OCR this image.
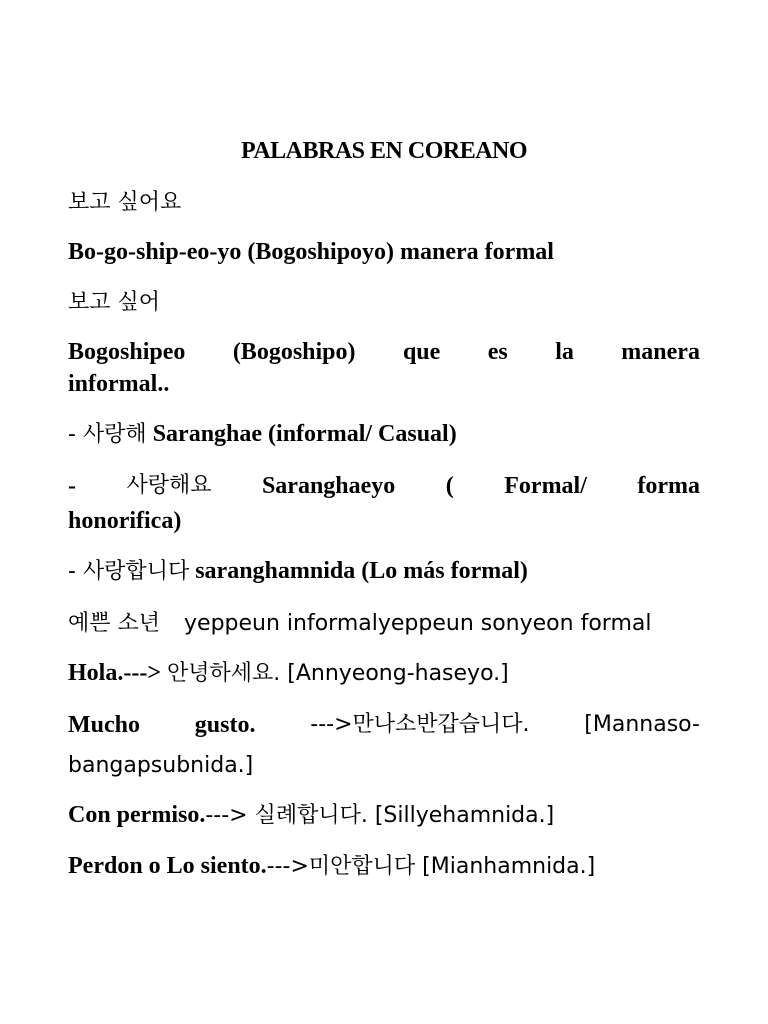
PALABRAS EN COREANO
보고 싶어요
Bo-go-ship-eo-yo (Bogoshipoyo) manera formal
보고 싶어
Bogoshipeo (Bogoshipo) que es la manera
informal..
- 사랑해 Saranghae (informal/ Casual)
- 사랑해요 Saranghaeyo ( Formal/ forma
honorifica)
- 사랑합니다 saranghamnida (Lo más formal)
예쁜 소년 yeppeun informalyeppeun sonyeon formal
Hola.---> 안녕하세요. [Annyeong-haseyo.]
Mucho gusto. --->만나소반갑습니다. [Mannaso-
bangapsubnida.]
Con permiso.---> 실례합니다. [Sillyehamnida.]
Perdon o Lo siento.--->미안합니다 [Mianhamnida.]
